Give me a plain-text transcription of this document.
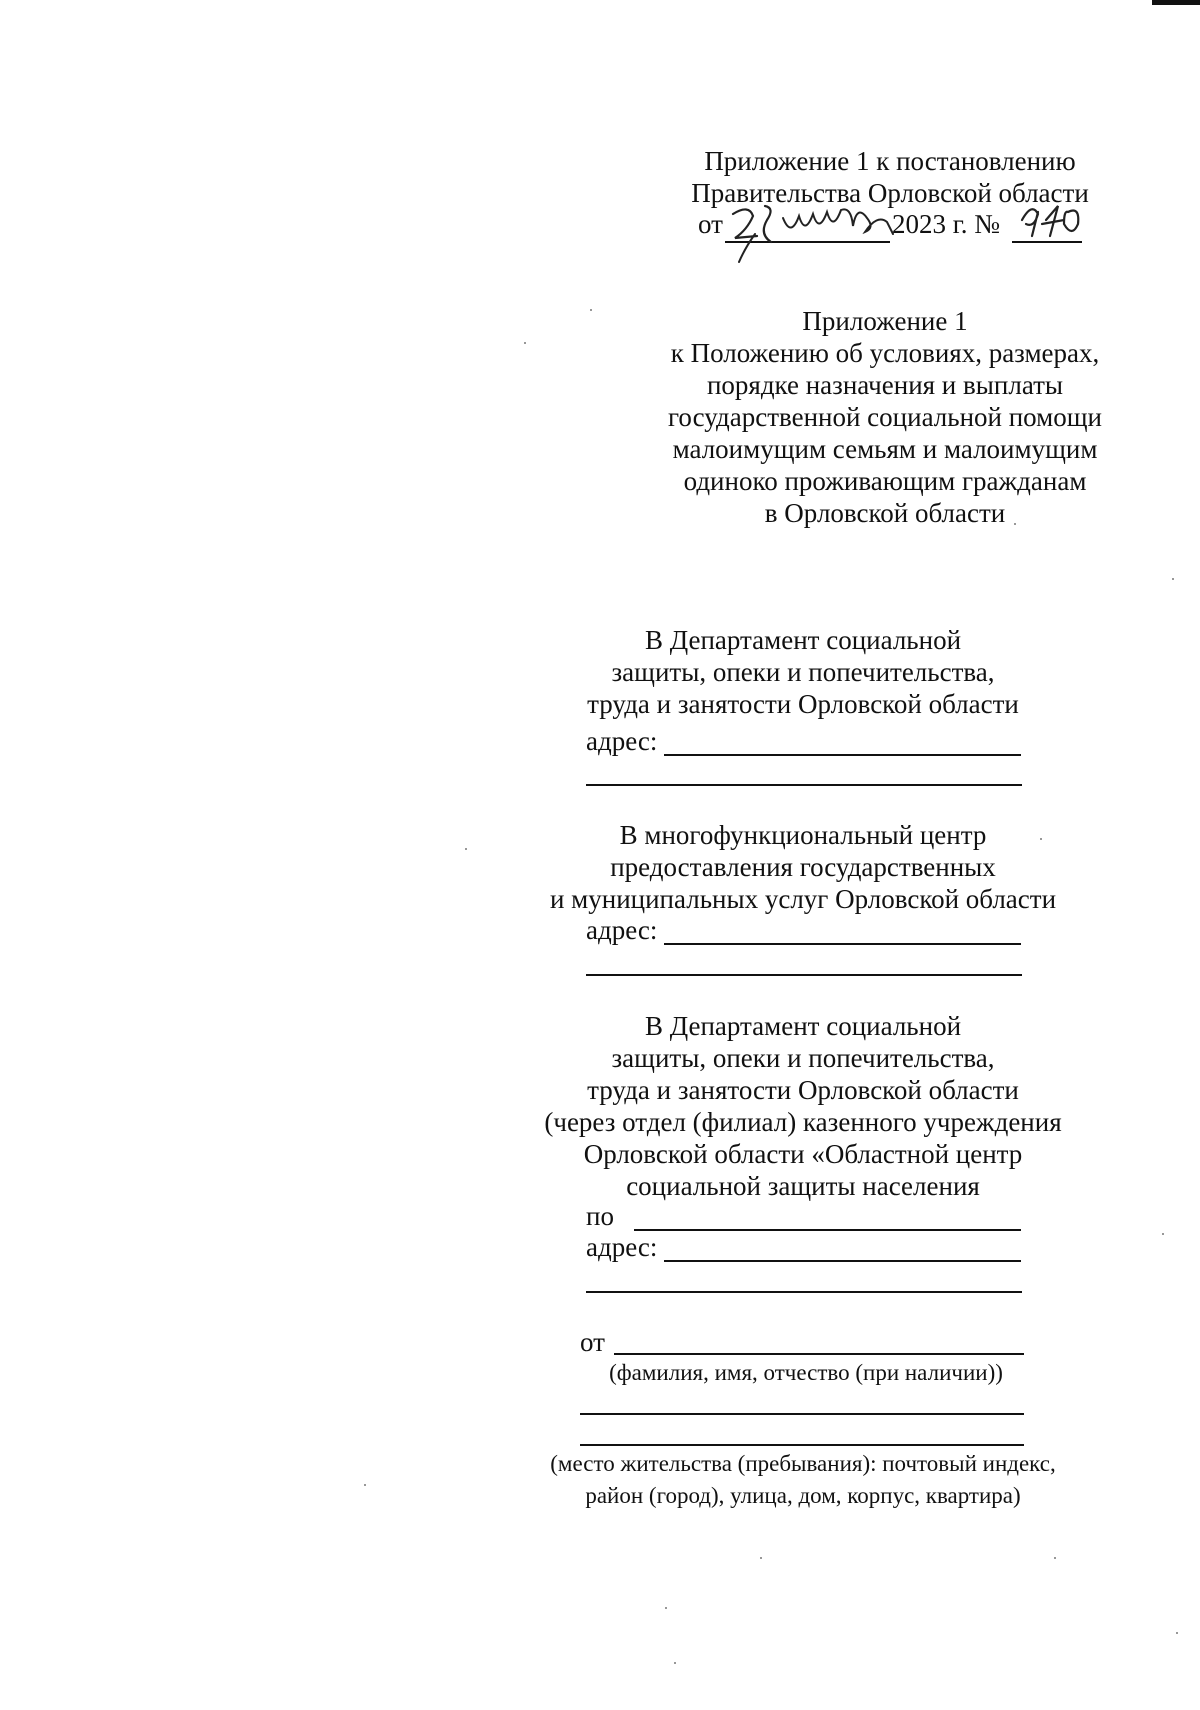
Приложение 1 к постановлению
Правительства Орловской области
от	2023 г. №
Приложение 1
к Положению об условиях, размерах,
порядке назначения и выплаты
государственной социальной помощи
малоимущим семьям и малоимущим
одиноко проживающим гражданам
в Орловской области
В Департамент социальной
защиты, опеки и попечительства,
труда и занятости Орловской области
адрес:
В многофункциональный центр
предоставления государственных
и муниципальных услуг Орловской области
адрес:
В Департамент социальной
защиты, опеки и попечительства,
труда и занятости Орловской области
(через отдел (филиал) казенного учреждения
Орловской области «Областной центр
социальной защиты населения
по
адрес:
от
(фамилия, имя, отчество (при наличии))
(место жительства (пребывания): почтовый индекс,
район (город), улица, дом, корпус, квартира)
